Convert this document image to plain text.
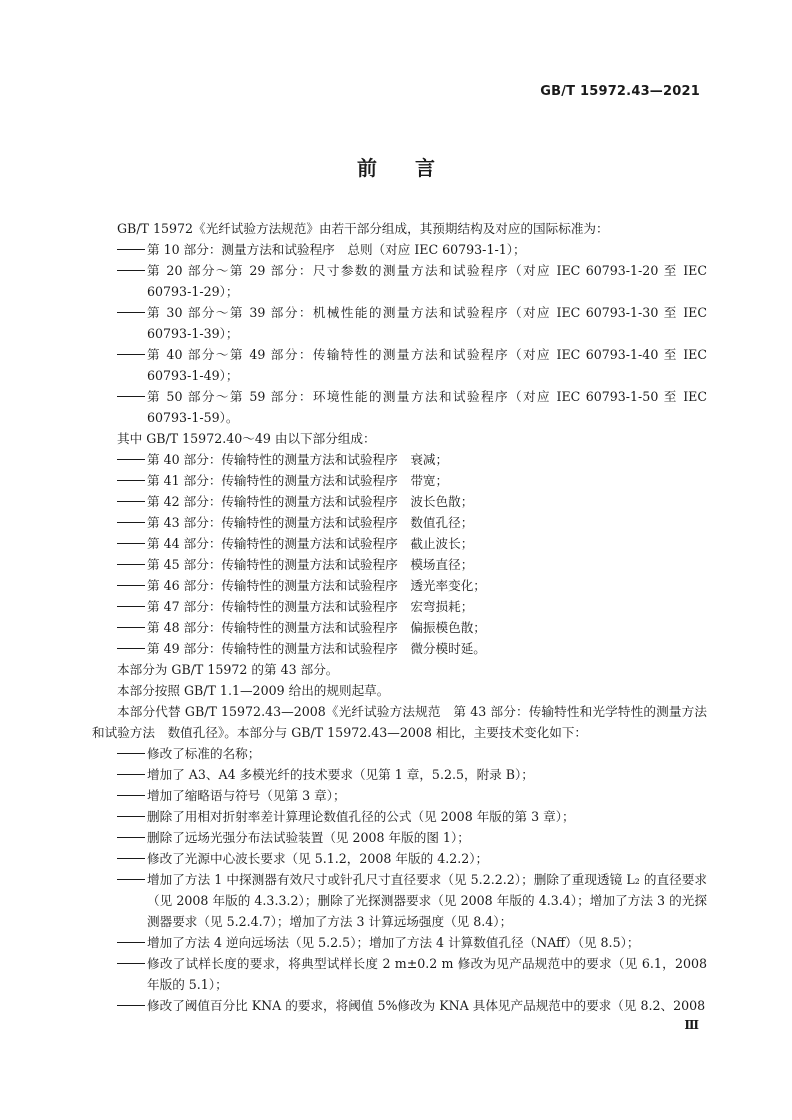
GB/T 15972.43—2021
前言

GB/T 15972《光纤试验方法规范》由若干部分组成，其预期结构及对应的国际标准为：

第 10 部分：测量方法和试验程序　总则（对应 IEC 60793-1-1）；
第 20 部分～第 29 部分：尺寸参数的测量方法和试验程序（对应 IEC 60793-1-20 至 IEC 60793-1-29）；
第 30 部分～第 39 部分：机械性能的测量方法和试验程序（对应 IEC 60793-1-30 至 IEC 60793-1-39）；
第 40 部分～第 49 部分：传输特性的测量方法和试验程序（对应 IEC 60793-1-40 至 IEC 60793-1-49）；
第 50 部分～第 59 部分：环境性能的测量方法和试验程序（对应 IEC 60793-1-50 至 IEC 60793-1-59）。

其中 GB/T 15972.40～49 由以下部分组成：

第 40 部分：传输特性的测量方法和试验程序　衰减；
第 41 部分：传输特性的测量方法和试验程序　带宽；
第 42 部分：传输特性的测量方法和试验程序　波长色散；
第 43 部分：传输特性的测量方法和试验程序　数值孔径；
第 44 部分：传输特性的测量方法和试验程序　截止波长；
第 45 部分：传输特性的测量方法和试验程序　模场直径；
第 46 部分：传输特性的测量方法和试验程序　透光率变化；
第 47 部分：传输特性的测量方法和试验程序　宏弯损耗；
第 48 部分：传输特性的测量方法和试验程序　偏振模色散；
第 49 部分：传输特性的测量方法和试验程序　微分模时延。

本部分为 GB/T 15972 的第 43 部分。

本部分按照 GB/T 1.1—2009 给出的规则起草。

本部分代替 GB/T 15972.43—2008《光纤试验方法规范　第 43 部分：传输特性和光学特性的测量方法和试验方法　数值孔径》。本部分与 GB/T 15972.43—2008 相比，主要技术变化如下：

修改了标准的名称；
增加了 A3、A4 多模光纤的技术要求（见第 1 章，5.2.5，附录 B）；
增加了缩略语与符号（见第 3 章）；
删除了用相对折射率差计算理论数值孔径的公式（见 2008 年版的第 3 章）；
删除了远场光强分布法试验装置（见 2008 年版的图 1）；
修改了光源中心波长要求（见 5.1.2，2008 年版的 4.2.2）；
增加了方法 1 中探测器有效尺寸或针孔尺寸直径要求（见 5.2.2.2）；删除了重现透镜 L₂ 的直径要求（见 2008 年版的 4.3.3.2）；删除了光探测器要求（见 2008 年版的 4.3.4）；增加了方法 3 的光探测器要求（见 5.2.4.7）；增加了方法 3 计算远场强度（见 8.4）；
增加了方法 4 逆向远场法（见 5.2.5）；增加了方法 4 计算数值孔径（NAff）（见 8.5）；
修改了试样长度的要求，将典型试样长度 2 m±0.2 m 修改为见产品规范中的要求（见 6.1，2008 年版的 5.1）；
修改了阈值百分比 KNA 的要求，将阈值 5%修改为 KNA 具体见产品规范中的要求（见 8.2、2008
Ⅲ
